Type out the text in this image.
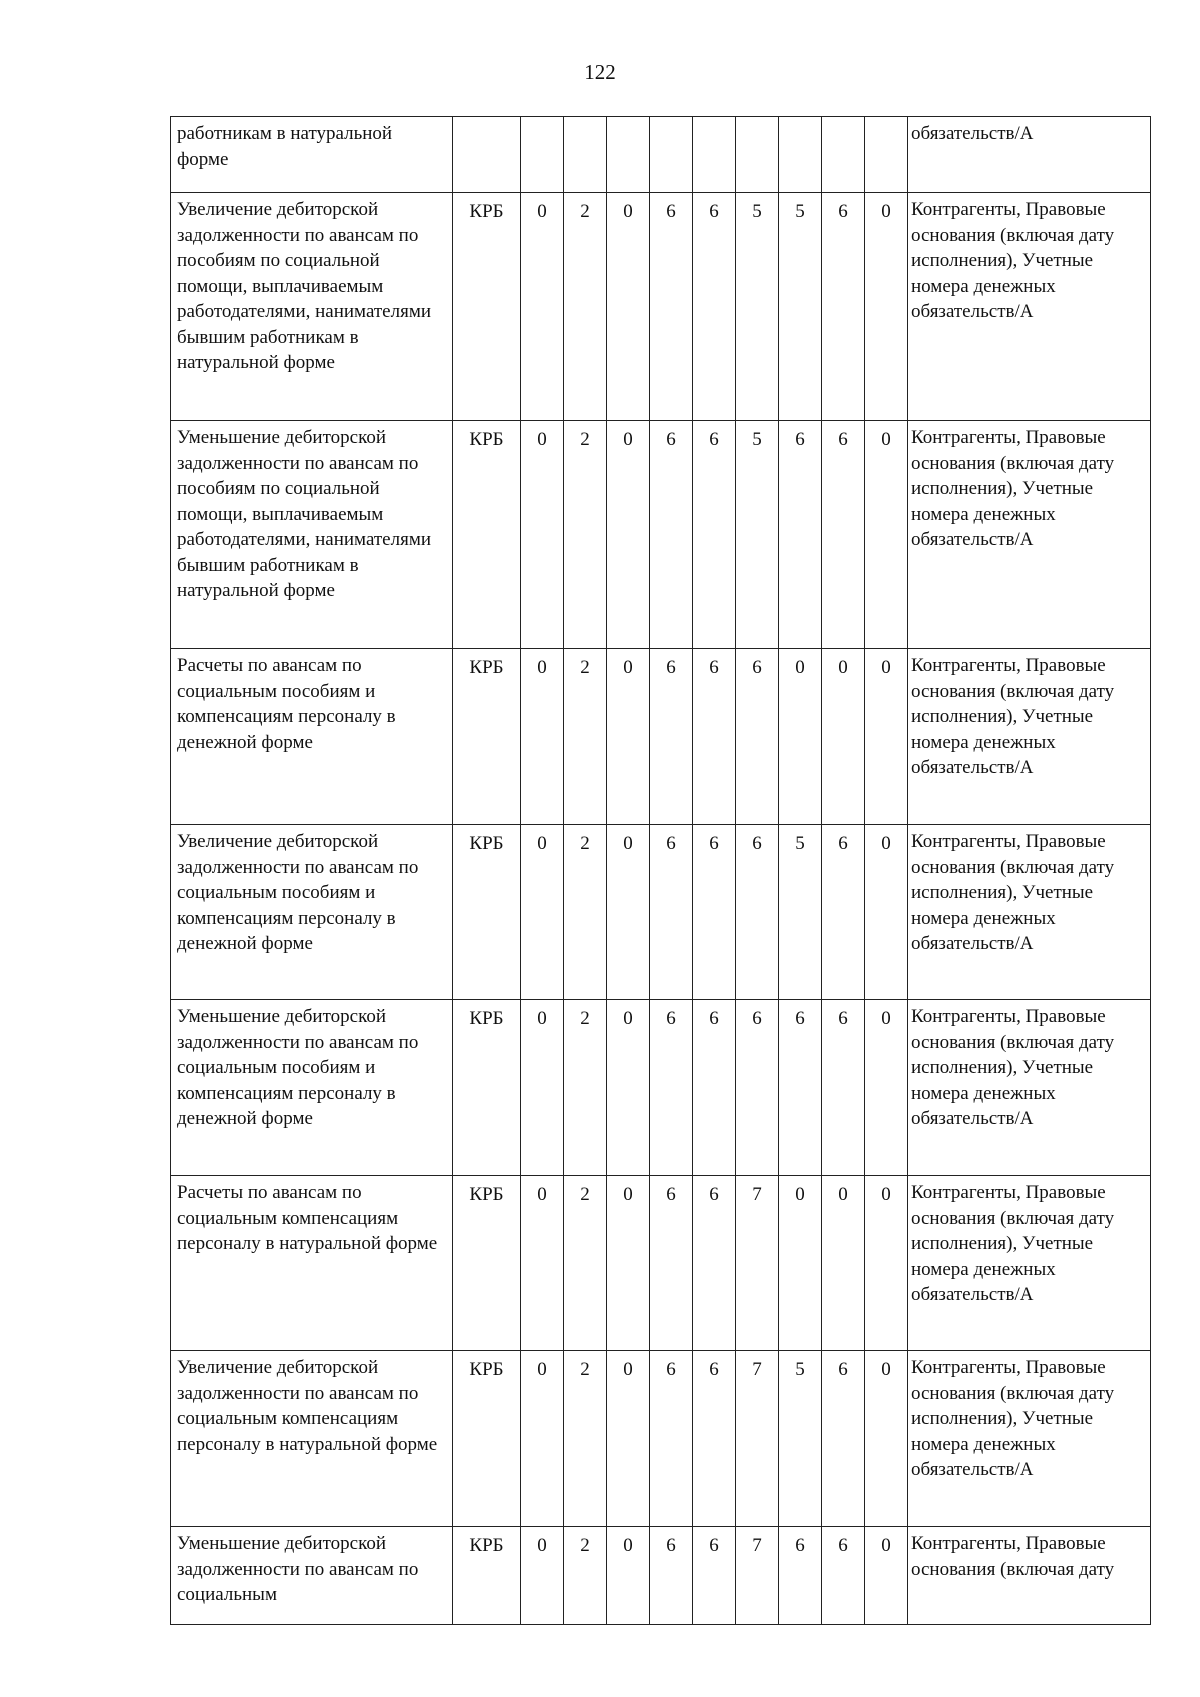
122
работникам в натуральной форме											обязательств/А
Увеличение дебиторской задолженности по авансам по пособиям по социальной помощи, выплачиваемым работодателями, нанимателями бывшим работникам в натуральной форме	КРБ	0	2	0	6	6	5	5	6	0	Контрагенты, Правовые основания (включая дату исполнения), Учетные номера денежных обязательств/А
Уменьшение дебиторской задолженности по авансам по пособиям по социальной помощи, выплачиваемым работодателями, нанимателями бывшим работникам в натуральной форме	КРБ	0	2	0	6	6	5	6	6	0	Контрагенты, Правовые основания (включая дату исполнения), Учетные номера денежных обязательств/А
Расчеты по авансам по социальным пособиям и компенсациям персоналу в денежной форме	КРБ	0	2	0	6	6	6	0	0	0	Контрагенты, Правовые основания (включая дату исполнения), Учетные номера денежных обязательств/А
Увеличение дебиторской задолженности по авансам по социальным пособиям и компенсациям персоналу в денежной форме	КРБ	0	2	0	6	6	6	5	6	0	Контрагенты, Правовые основания (включая дату исполнения), Учетные номера денежных обязательств/А
Уменьшение дебиторской задолженности по авансам по социальным пособиям и компенсациям персоналу в денежной форме	КРБ	0	2	0	6	6	6	6	6	0	Контрагенты, Правовые основания (включая дату исполнения), Учетные номера денежных обязательств/А
Расчеты по авансам по социальным компенсациям персоналу в натуральной форме	КРБ	0	2	0	6	6	7	0	0	0	Контрагенты, Правовые основания (включая дату исполнения), Учетные номера денежных обязательств/А
Увеличение дебиторской задолженности по авансам по социальным компенсациям персоналу в натуральной форме	КРБ	0	2	0	6	6	7	5	6	0	Контрагенты, Правовые основания (включая дату исполнения), Учетные номера денежных обязательств/А
Уменьшение дебиторской задолженности по авансам по социальным	КРБ	0	2	0	6	6	7	6	6	0	Контрагенты, Правовые основания (включая дату
